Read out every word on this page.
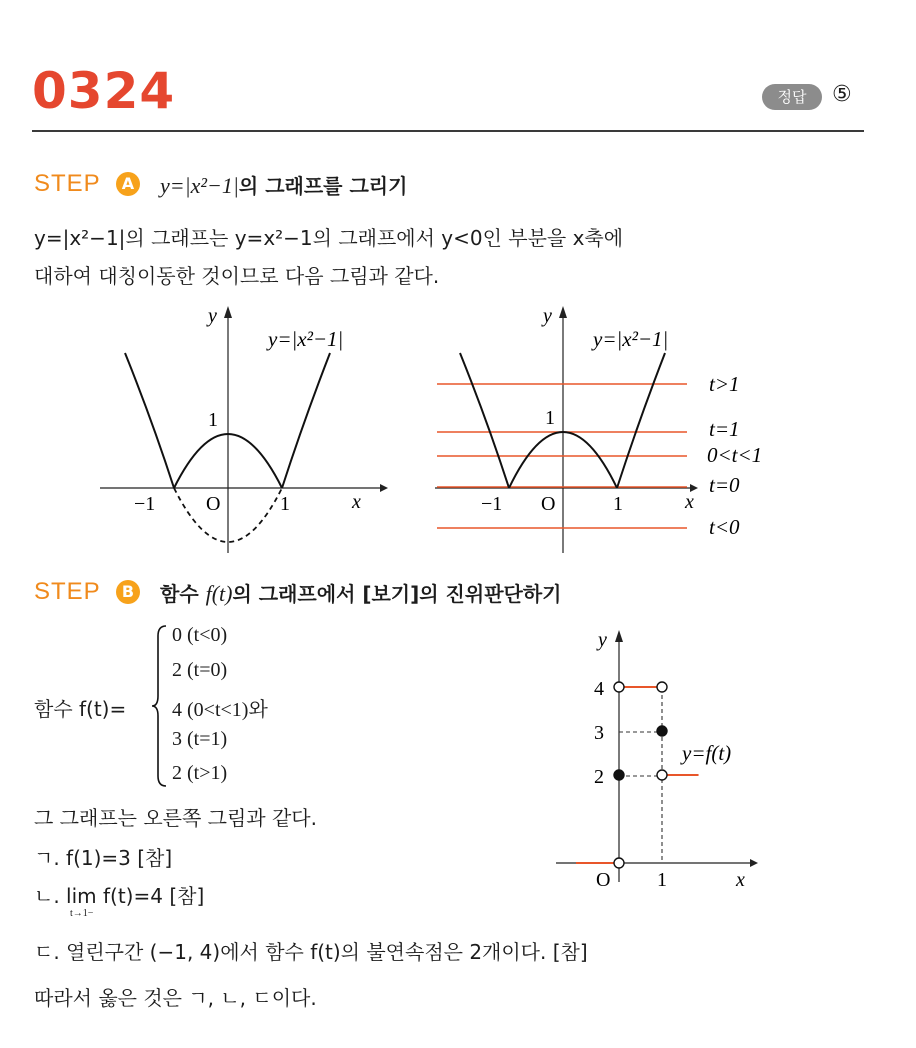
0324	정답	⑤
STEP	A y=|x²−1|의 그래프를 그리기
y=|x²−1|의 그래프는 y=x²−1의 그래프에서 y<0인 부분을 x축에
대하여 대칭이동한 것이므로 다음 그림과 같다.
y
x
O
−1	1
1
y=|x²−1|
y
x
O
−1	1
1
y=|x²−1|
t>1
t=1
0<t<1
t=0
t<0
STEP	B 함수 f(t)의 그래프에서 [보기]의 진위판단하기
함수 f(t)=
0 (t<0)
2 (t=0)
4 (0<t<1)와
3 (t=1)
2 (t>1)
그 그래프는 오른쪽 그림과 같다.
ㄱ. f(1)=3 [참]
ㄴ. lim f(t)=4 [참]
t→1−
ㄷ. 열린구간 (−1, 4)에서 함수 f(t)의 불연속점은 2개이다. [참]
따라서 옳은 것은 ㄱ, ㄴ, ㄷ이다.
y
x
O 1
4
3
2
y=f(t)
